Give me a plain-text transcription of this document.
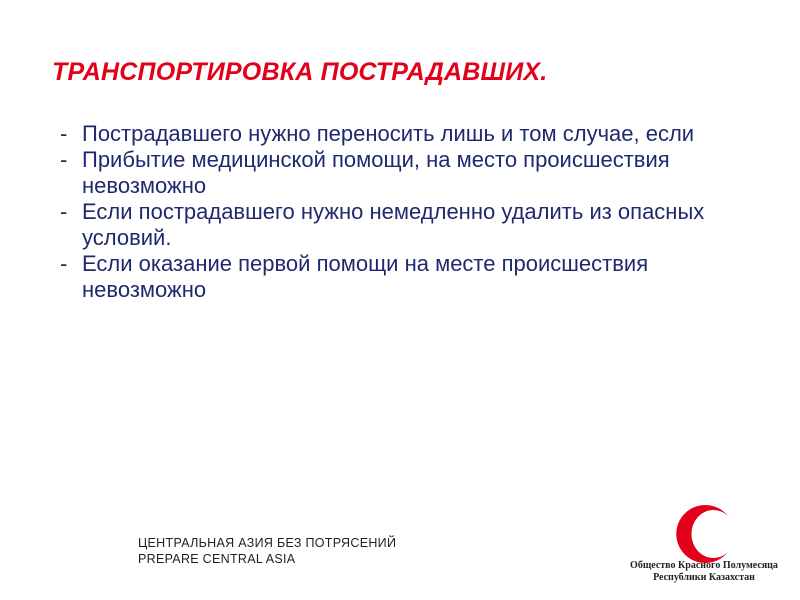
ТРАНСПОРТИРОВКА ПОСТРАДАВШИХ.
- Пострадавшего нужно переносить лишь и том случае, если
- Прибытие медицинской помощи, на место происшествия невозможно
- Если пострадавшего нужно немедленно удалить из опасных условий.
- Если оказание первой помощи на месте происшествия невозможно
ЦЕНТРАЛЬНАЯ АЗИЯ БЕЗ ПОТРЯСЕНИЙ
PREPARE CENTRAL ASIA	Общество Красного Полумесяца
Республики Казахстан
